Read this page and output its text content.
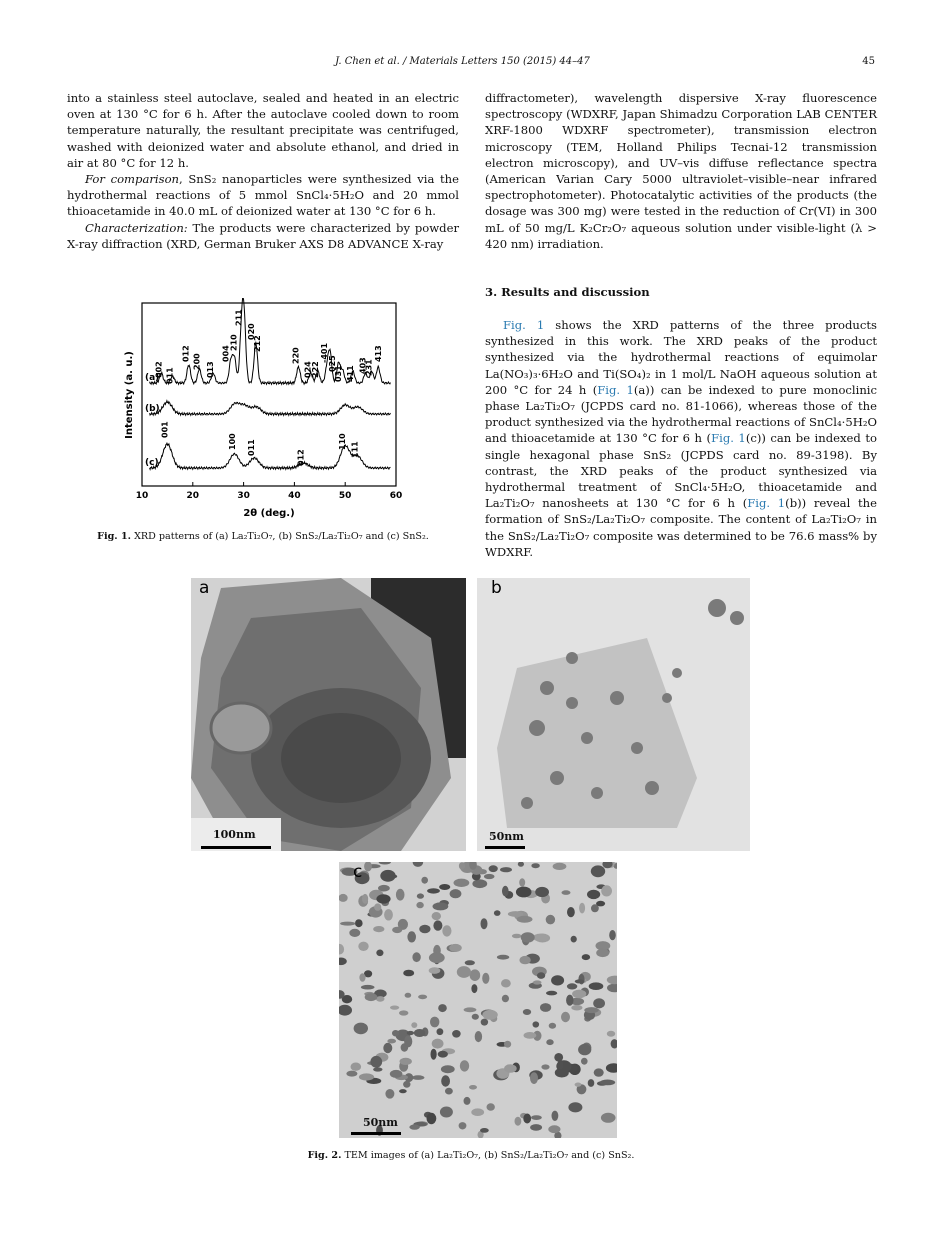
J. Chen et al. / Materials Letters 150 (2015) 44–47	45

into a stainless steel autoclave, sealed and heated in an electric oven at 130 °C for 6 h. After the autoclave cooled down to room temperature naturally, the resultant precipitate was centrifuged, washed with deionized water and absolute ethanol, and dried in air at 80 °C for 12 h.

For comparison, SnS₂ nanoparticles were synthesized via the hydrothermal reactions of 5 mmol SnCl₄·5H₂O and 20 mmol thioacetamide in 40.0 mL of deionized water at 130 °C for 6 h.

Characterization: The products were characterized by powder X-ray diffraction (XRD, German Bruker AXS D8 ADVANCE X-ray

diffractometer), wavelength dispersive X-ray fluorescence spectroscopy (WDXRF, Japan Shimadzu Corporation LAB CENTER XRF-1800 WDXRF spectrometer), transmission electron microscopy (TEM, Holland Philips Tecnai-12 transmission electron microscopy), and UV–vis diffuse reflectance spectra (American Varian Cary 5000 ultraviolet–visible–near infrared spectrophotometer). Photocatalytic activities of the products (the dosage was 300 mg) were tested in the reduction of Cr(VI) in 300 mL of 50 mg/L K₂Cr₂O₇ aqueous solution under visible-light (λ > 420 nm) irradiation.

3. Results and discussion

Fig. 1 shows the XRD patterns of the three products synthesized in this work. The XRD peaks of the product synthesized via the hydrothermal reactions of equimolar La(NO₃)₃·6H₂O and Ti(SO₄)₂ in 1 mol/L NaOH aqueous solution at 200 °C for 24 h (Fig. 1(a)) can be indexed to pure monoclinic phase La₂Ti₂O₇ (JCPDS card no. 81-1066), whereas those of the product synthesized via the hydrothermal reactions of SnCl₄·5H₂O and thioacetamide at 130 °C for 6 h (Fig. 1(c)) can be indexed to single hexagonal phase SnS₂ (JCPDS card no. 89-3198). By contrast, the XRD peaks of the product synthesized via hydrothermal treatment of SnCl₄·5H₂O, thioacetamide and La₂Ti₂O₇ nanosheets at 130 °C for 6 h (Fig. 1(b)) reveal the formation of SnS₂/La₂Ti₂O₇ composite. The content of La₂Ti₂O₇ in the SnS₂/La₂Ti₂O₇ composite was determined to be 76.6 mass% by WDXRF.

Intensity (a. u.)
2θ (deg.)
10	20	30	40	50	60
002 011
012 200 013
004
210
211
020
212
220
024
222
-401
025
031 411 403
231
413
001
100 011
012
110 111
(a)
(b)
(c)
Fig. 1. XRD patterns of (a) La₂Ti₂O₇, (b) SnS₂/La₂Ti₂O₇ and (c) SnS₂.
a
100nm
b
50nm
c
50nm
Fig. 2. TEM images of (a) La₂Ti₂O₇, (b) SnS₂/La₂Ti₂O₇ and (c) SnS₂.
